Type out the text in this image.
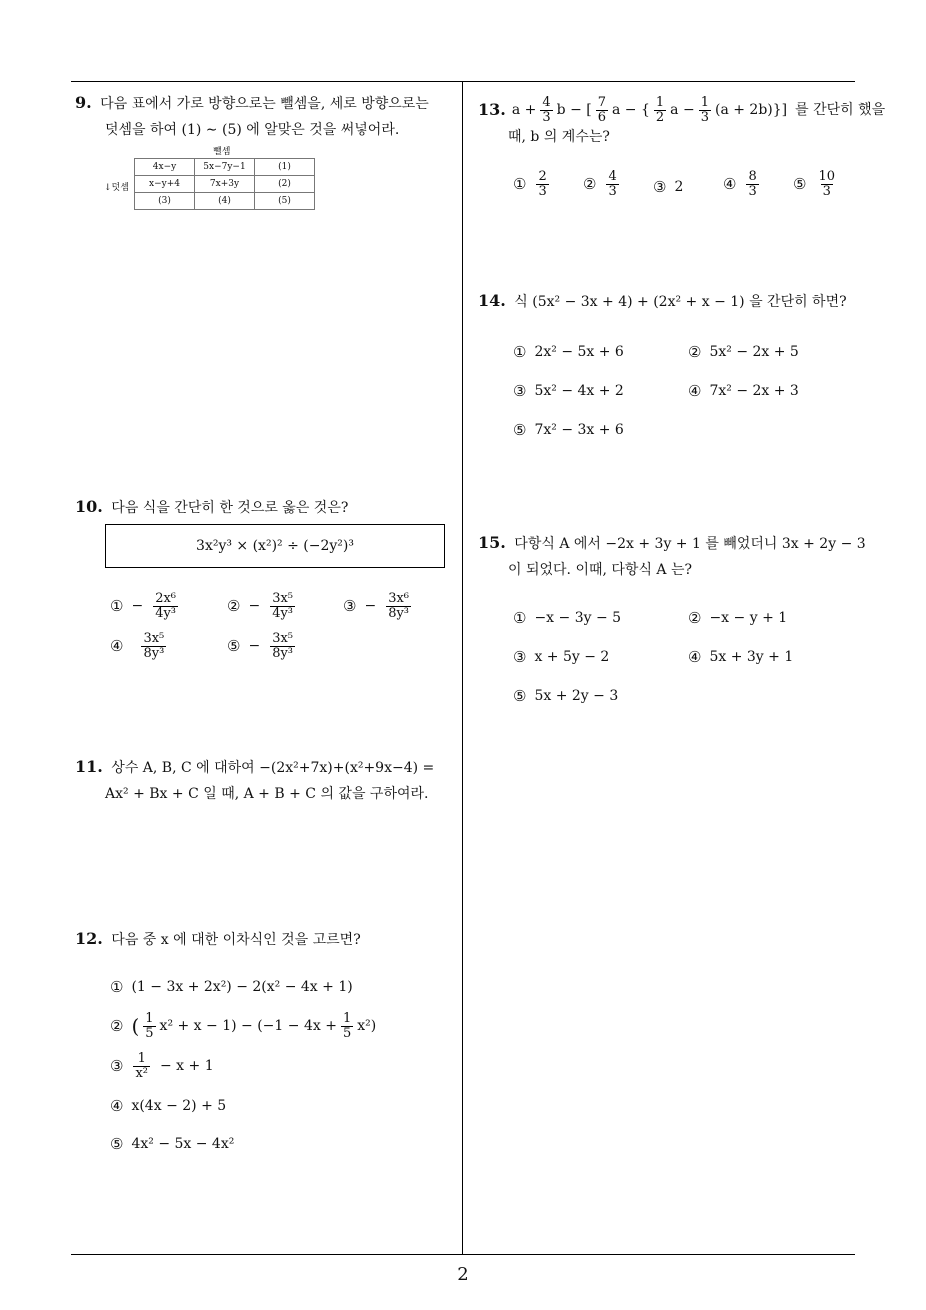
2
9. 다음 표에서 가로 방향으로는 뺄셈을, 세로 방향으로는
덧셈을 하여 (1) ∼ (5) 에 알맞은 것을 써넣어라.
뺄셈
↓덧셈
4x−y	5x−7y−1	(1)
x−y+4	7x+3y	(2)
(3)	(4)	(5)
10. 다음 식을 간단히 한 것으로 옳은 것은?
3x²y³ × (x²)² ÷ (−2y²)³
① − $\frac{\text{2x⁶}}{\text{4y³}}$	② − $\frac{\text{3x⁵}}{\text{4y³}}$	③ − $\frac{\text{3x⁶}}{\text{8y³}}$
④ $\frac{\text{3x⁵}}{\text{8y³}}$	⑤ − $\frac{\text{3x⁵}}{\text{8y³}}$
11. 상수 A, B, C 에 대하여 −(2x²+7x)+(x²+9x−4) =
Ax² + Bx + C 일 때, A + B + C 의 값을 구하여라.
12. 다음 중 x 에 대한 이차식인 것을 고르면?
① (1 − 3x + 2x²) − 2(x² − 4x + 1)
② ( $\frac{1}{5} x^2 + x - 1) - (-1 - 4x + \frac{1}{5} x^2)$
③ $\frac{1}{\text{x²}} - x + 1$
④ x(4x − 2) + 5
⑤ 4x² − 5x − 4x²
13. $a + \frac{4}{3}$ b − [ $\frac{7}{6}$ a − { $\frac{1}{2}$ $a - \frac{1}{3} (a + 2b)$}] 를 간단히 했을
때, b 의 계수는?
① $\frac{2}{3}$ ② $\frac{4}{3}$ ③ 2	④ $\frac{8}{3}$ ⑤ $\frac{10}{3}$
14. 식 (5x² − 3x + 4) + (2x² + x − 1) 을 간단히 하면?
① 2x² − 5x + 6	② 5x² − 2x + 5
③ 5x² − 4x + 2	④ 7x² − 2x + 3
⑤ 7x² − 3x + 6
15. 다항식 A 에서 −2x + 3y + 1 를 빼었더니 3x + 2y − 3
이 되었다. 이때, 다항식 A 는?
① −x − 3y − 5	② −x − y + 1
③ x + 5y − 2	④ 5x + 3y + 1
⑤ 5x + 2y − 3
